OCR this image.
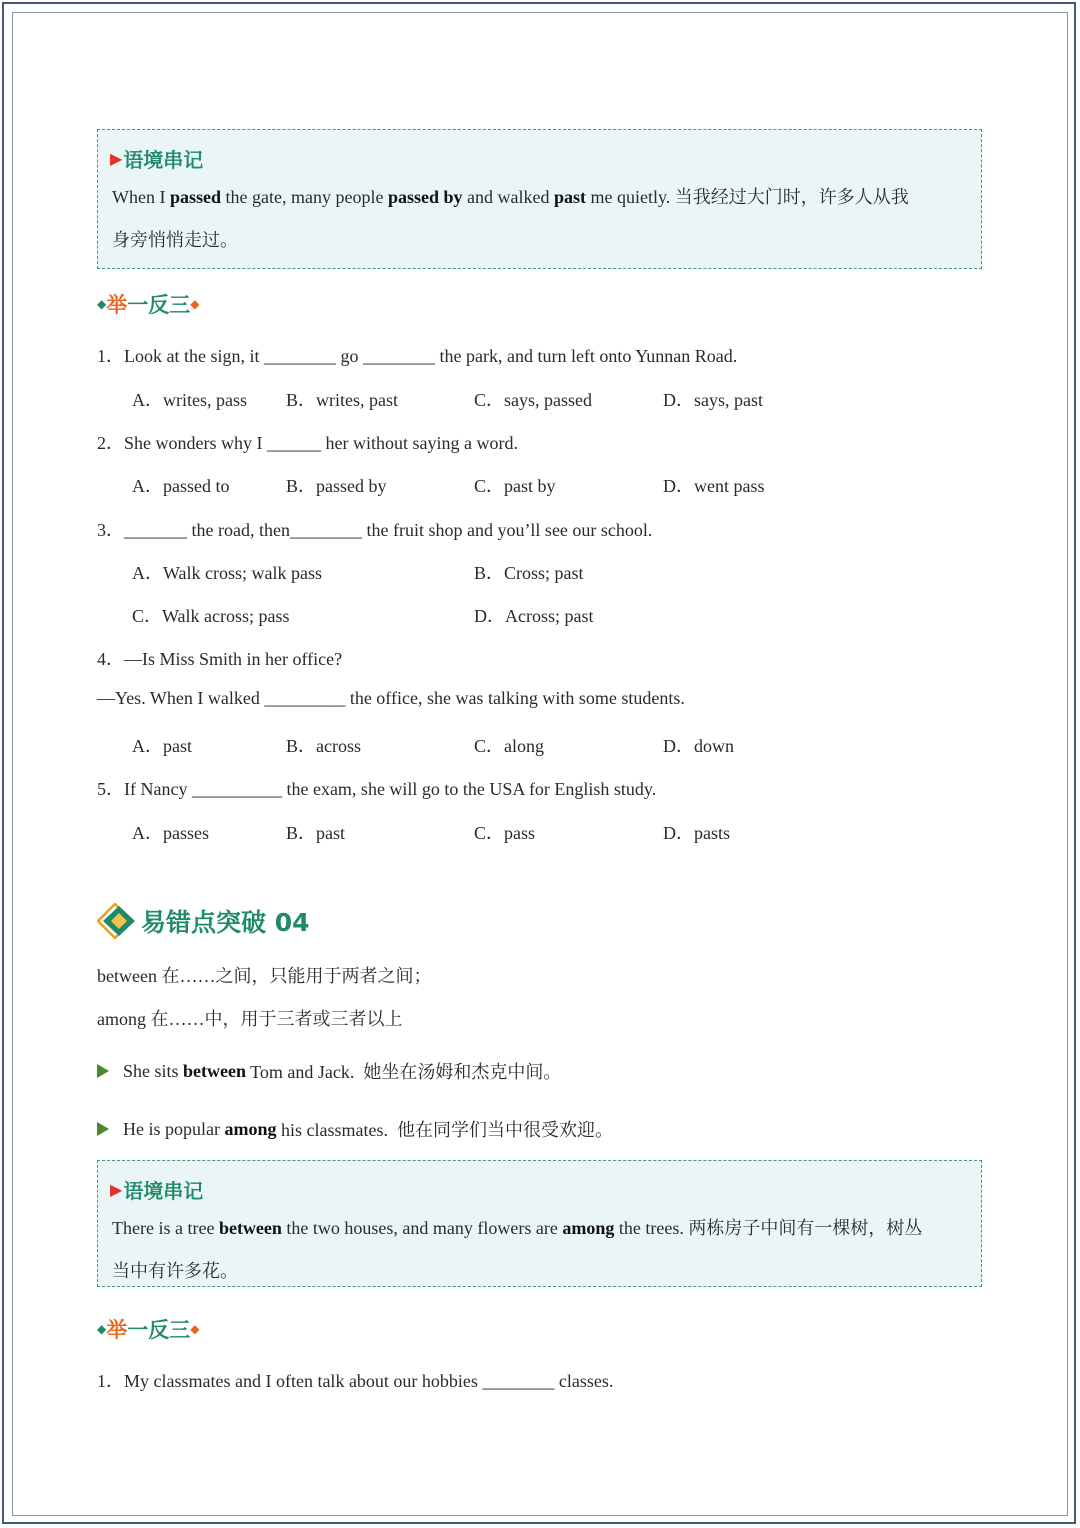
▶ 语境串记
When I passed the gate, many people passed by and walked past me quietly. 当我经过大门时，许多人从我
身旁悄悄走过。
◆ 举 一反三 ◆
1．Look at the sign, it ________ go ________ the park, and turn left onto Yunnan Road.
A．writes, pass B．writes, past	C．says, passed	D．says, past
2．She wonders why I ______ her without saying a word.
A．passed to	B．passed by	C．past by	D．went pass
3．_______ the road, then________ the fruit shop and you’ll see our school.
A．Walk cross; walk pass	B．Cross; past
C．Walk across; pass	D．Across; past
4．—Is Miss Smith in her office?
—Yes. When I walked _________ the office, she was talking with some students.
A．past	B．across	C．along	D．down
5．If Nancy __________ the exam, she will go to the USA for English study.
A．passes	B．past	C．pass	D．pasts
易错点突破 04
between 在……之间，只能用于两者之间；
among 在……中，用于三者或三者以上
She sits between Tom and Jack.  她坐在汤姆和杰克中间。
He is popular among his classmates.  他在同学们当中很受欢迎。
▶ 语境串记
There is a tree between the two houses, and many flowers are among the trees. 两栋房子中间有一棵树，树丛
当中有许多花。
◆ 举 一反三 ◆
1．My classmates and I often talk about our hobbies ________ classes.
